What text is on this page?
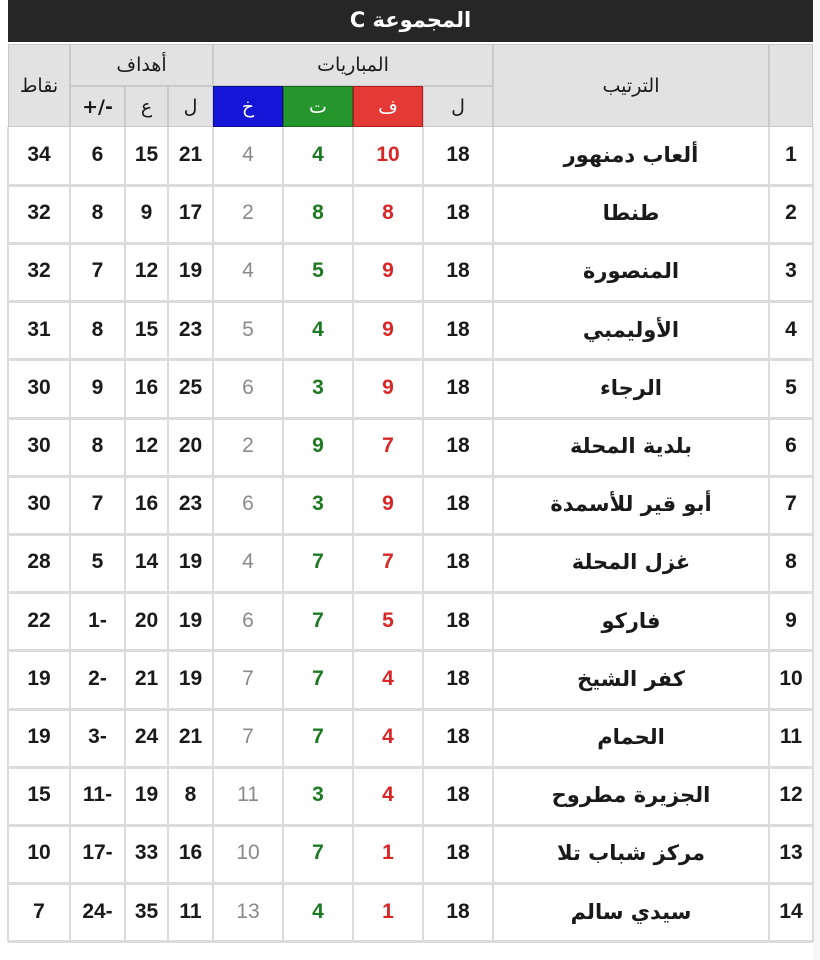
المجموعة C
الترتيب
المباريات
أهداف
نقاط
ل
ف
ت
خ
ل
ع
+/-
1
ألعاب دمنهور
18
10
4
4
21
15
6
34
2
طنطا
18
8
8
2
17
9
8
32
3
المنصورة
18
9
5
4
19
12
7
32
4
الأوليمبي
18
9
4
5
23
15
8
31
5
الرجاء
18
9
3
6
25
16
9
30
6
بلدية المحلة
18
7
9
2
20
12
8
30
7
أبو قير للأسمدة
18
9
3
6
23
16
7
30
8
غزل المحلة
18
7
7
4
19
14
5
28
9
فاركو
18
5
7
6
19
20
1-
22
10
كفر الشيخ
18
4
7
7
19
21
2-
19
11
الحمام
18
4
7
7
21
24
3-
19
12
الجزيرة مطروح
18
4
3
11
8
19
11-
15
13
مركز شباب تلا
18
1
7
10
16
33
17-
10
14
سيدي سالم
18
1
4
13
11
35
24-
7
